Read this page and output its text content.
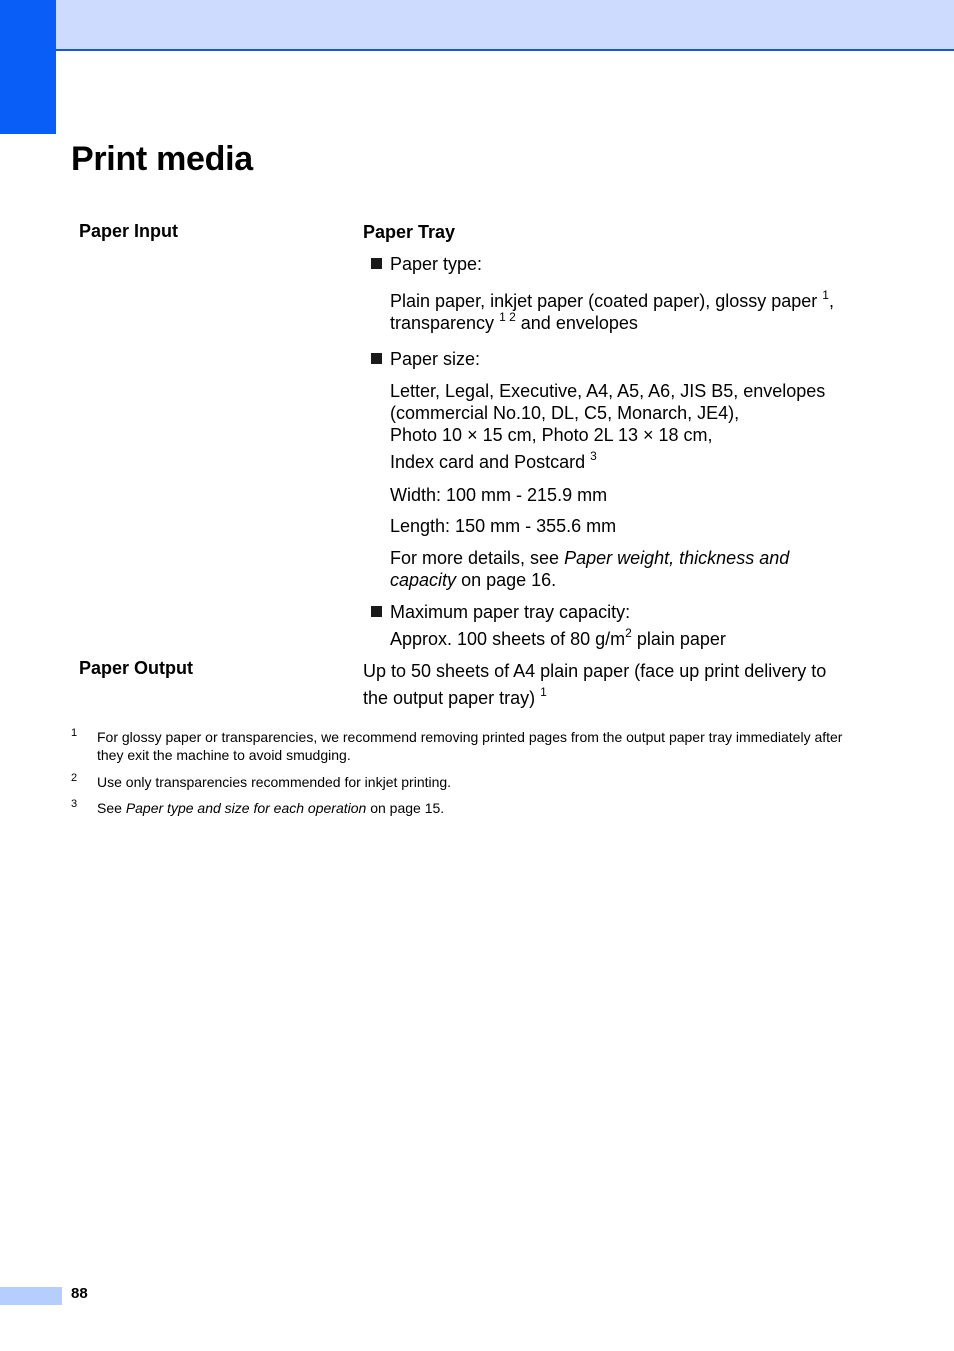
Print media
Paper Input	Paper Tray
Paper type:
Plain paper, inkjet paper (coated paper), glossy paper $^1$,
transparency $^{1 2}$ and envelopes
Paper size:
Letter, Legal, Executive, A4, A5, A6, JIS B5, envelopes
(commercial No.10, DL, C5, Monarch, JE4),
Photo 10 × 15 cm, Photo 2L 13 × 18 cm,
Index card and Postcard $^3$
Width: 100 mm - 215.9 mm
Length: 150 mm - 355.6 mm
For more details, see Paper weight, thickness and capacity on page 16.
Maximum paper tray capacity:
Approx. 100 sheets of 80 $g/m^2$ plain paper
Paper Output	Up to 50 sheets of A4 plain paper (face up print delivery to
the output paper tray) $^1$
1 For glossy paper or transparencies, we recommend removing printed pages from the output paper tray immediately after they exit the machine to avoid smudging.
2 Use only transparencies recommended for inkjet printing.
3 See Paper type and size for each operation on page 15.
88
